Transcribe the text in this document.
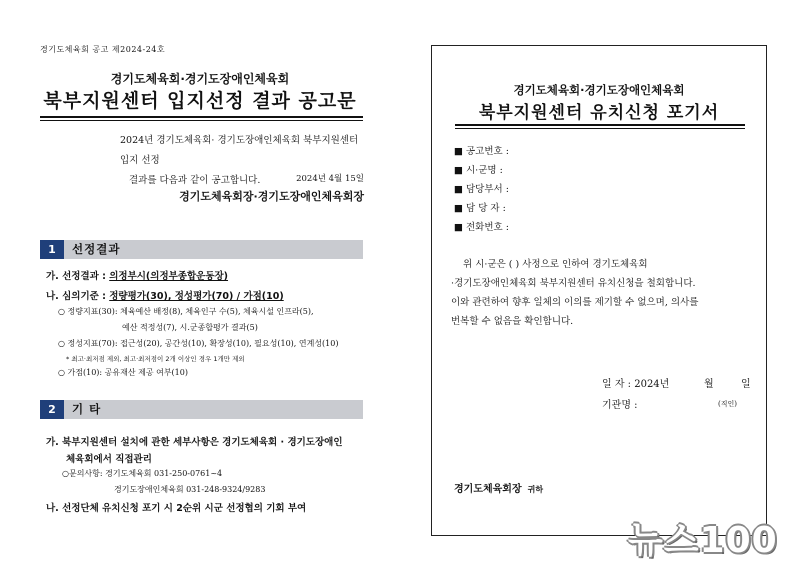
경기도체육회 공고 제2024-24호
경기도체육회·경기도장애인체육회
북부지원센터 입지선정 결과 공고문
2024년 경기도체육회· 경기도장애인체육회 북부지원센터 입지 선정
결과를 다음과 같이 공고합니다.	2024년 4월 15일
경기도체육회장·경기도장애인체육회장
1	선정결과
가. 선정결과 : 의정부시(의정부종합운동장)
나. 심의기준 : 정량평가(30), 정성평가(70) / 가점(10)
○ 정량지표(30): 체육예산 배정(8), 체육인구 수(5), 체육시설 인프라(5),
예산 적정성(7), 시.군종합평가 결과(5)
○ 정성지표(70): 접근성(20), 공간성(10), 확장성(10), 필요성(10), 연계성(10)
* 최고·최저점 제외, 최고·최저점이 2개 이상인 경우 1개만 제외
○ 가점(10): 공유재산 제공 여부(10)
2	기 타
가. 북부지원센터 설치에 관한 세부사항은 경기도체육회 · 경기도장애인
체육회에서 직접관리
○문의사항: 경기도체육회 031-250-0761~4
경기도장애인체육회 031-248-9324/9283
나. 선정단체 유치신청 포기 시 2순위 시군 선정협의 기회 부여
경기도체육회·경기도장애인체육회
북부지원센터 유치신청 포기서
■ 공고번호 :
■ 시·군명 :
■ 담당부서 :
■ 담 당 자 :
■ 전화번호 :
위 시·군은 ( ) 사정으로 인하여 경기도체육회
·경기도장애인체육회 북부지원센터 유치신청을 철회합니다.
이와 관련하여 향후 일체의 이의를 제기할 수 없으며, 의사를
번복할 수 없음을 확인합니다.
일 자 : 2024년	월	일
기관명 :	(직인)
경기도체육회장 귀하
뉴스100
